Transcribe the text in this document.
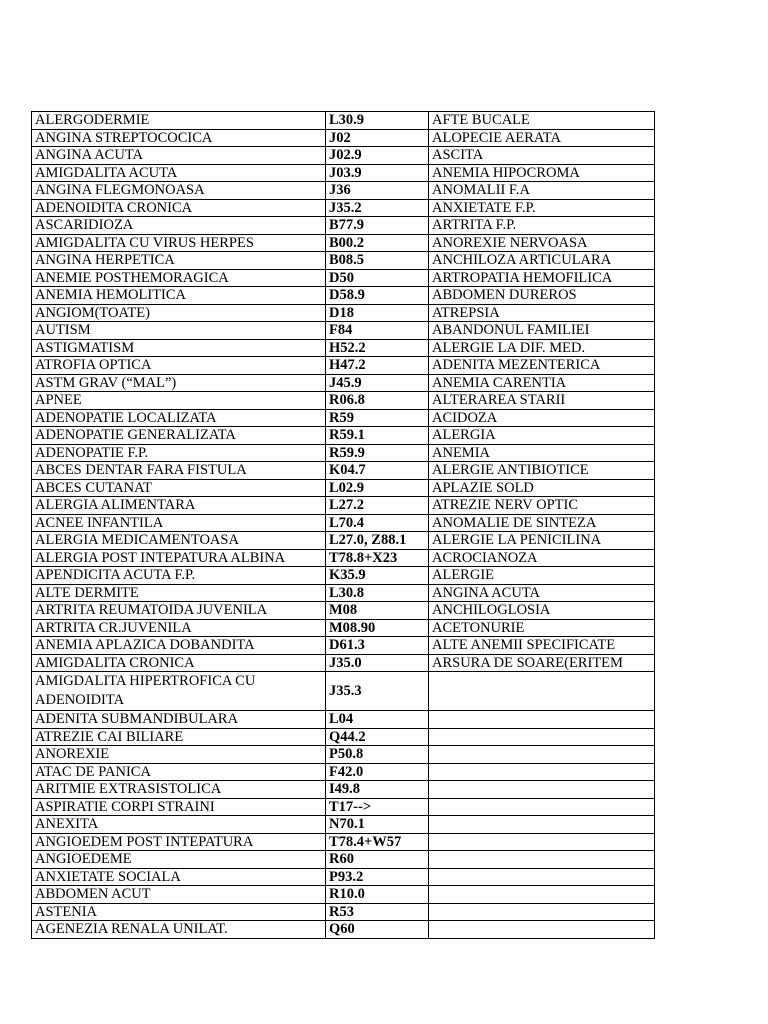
ALERGODERMIE	L30.9	AFTE BUCALE
ANGINA STREPTOCOCICA	J02	ALOPECIE AERATA
ANGINA ACUTA	J02.9	ASCITA
AMIGDALITA ACUTA	J03.9	ANEMIA HIPOCROMA
ANGINA FLEGMONOASA	J36	ANOMALII F.A
ADENOIDITA CRONICA	J35.2	ANXIETATE F.P.
ASCARIDIOZA	B77.9	ARTRITA F.P.
AMIGDALITA CU VIRUS HERPES	B00.2	ANOREXIE NERVOASA
ANGINA HERPETICA	B08.5	ANCHILOZA ARTICULARA
ANEMIE POSTHEMORAGICA	D50	ARTROPATIA HEMOFILICA
ANEMIA HEMOLITICA	D58.9	ABDOMEN DUREROS
ANGIOM(TOATE)	D18	ATREPSIA
AUTISM	F84	ABANDONUL FAMILIEI
ASTIGMATISM	H52.2	ALERGIE LA DIF. MED.
ATROFIA OPTICA	H47.2	ADENITA MEZENTERICA
ASTM GRAV (“MAL”)	J45.9	ANEMIA CARENTIA
APNEE	R06.8	ALTERAREA STARII
ADENOPATIE LOCALIZATA	R59	ACIDOZA
ADENOPATIE GENERALIZATA	R59.1	ALERGIA
ADENOPATIE F.P.	R59.9	ANEMIA
ABCES DENTAR FARA FISTULA	K04.7	ALERGIE ANTIBIOTICE
ABCES CUTANAT	L02.9	APLAZIE SOLD
ALERGIA ALIMENTARA	L27.2	ATREZIE NERV OPTIC
ACNEE INFANTILA	L70.4	ANOMALIE DE SINTEZA
ALERGIA MEDICAMENTOASA	L27.0, Z88.1	ALERGIE LA PENICILINA
ALERGIA POST INTEPATURA ALBINA	T78.8+X23	ACROCIANOZA
APENDICITA ACUTA F.P.	K35.9	ALERGIE
ALTE DERMITE	L30.8	ANGINA ACUTA
ARTRITA REUMATOIDA JUVENILA	M08	ANCHILOGLOSIA
ARTRITA CR.JUVENILA	M08.90	ACETONURIE
ANEMIA APLAZICA DOBANDITA	D61.3	ALTE ANEMII SPECIFICATE
AMIGDALITA CRONICA	J35.0	ARSURA DE SOARE(ERITEM
AMIGDALITA HIPERTROFICA CU ADENOIDITA	J35.3	
ADENITA SUBMANDIBULARA	L04	
ATREZIE CAI BILIARE	Q44.2	
ANOREXIE	P50.8	
ATAC DE PANICA	F42.0	
ARITMIE EXTRASISTOLICA	I49.8	
ASPIRATIE CORPI STRAINI	T17-->	
ANEXITA	N70.1	
ANGIOEDEM POST INTEPATURA	T78.4+W57	
ANGIOEDEME	R60	
ANXIETATE SOCIALA	P93.2	
ABDOMEN ACUT	R10.0	
ASTENIA	R53	
AGENEZIA RENALA UNILAT.	Q60	
